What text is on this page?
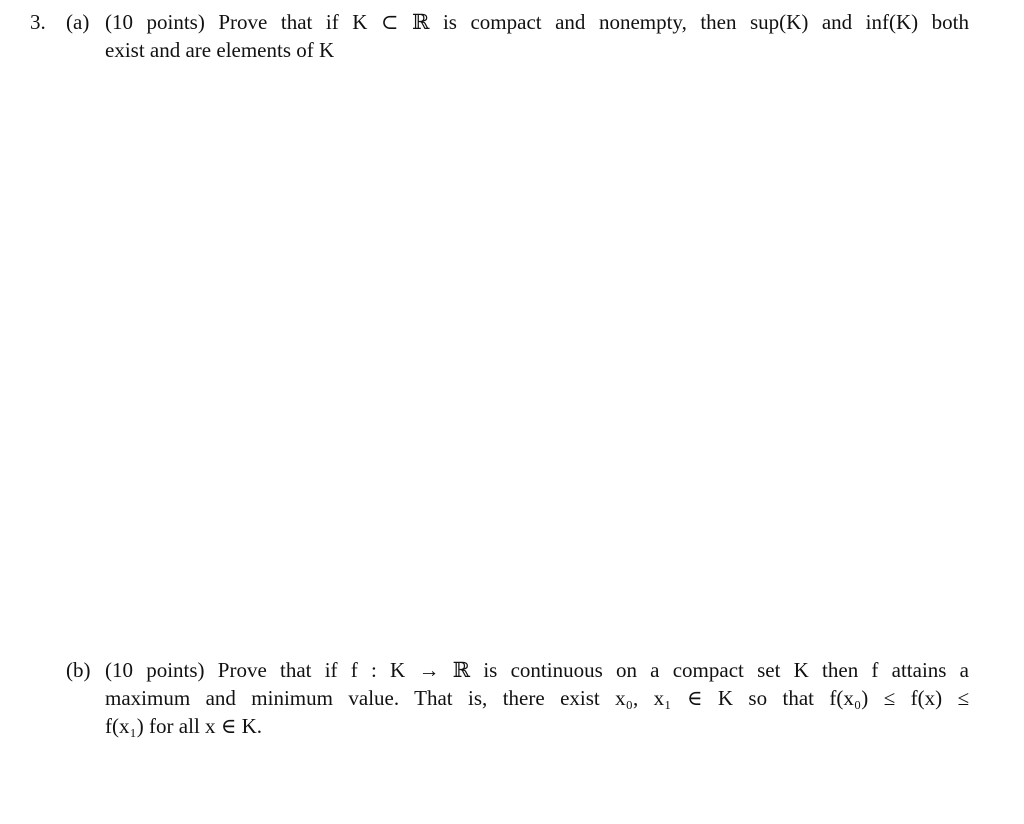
3. (a) (10 points) Prove that if K ⊂ ℝ is compact and nonempty, then sup(K) and inf(K) both
exist and are elements of K
(b) (10 points) Prove that if f : K → ℝ is continuous on a compact set K then f attains a
maximum and minimum value. That is, there exist x₀, x₁ ∈ K so that f(x₀) ≤ f(x) ≤
f(x₁) for all x ∈ K.
